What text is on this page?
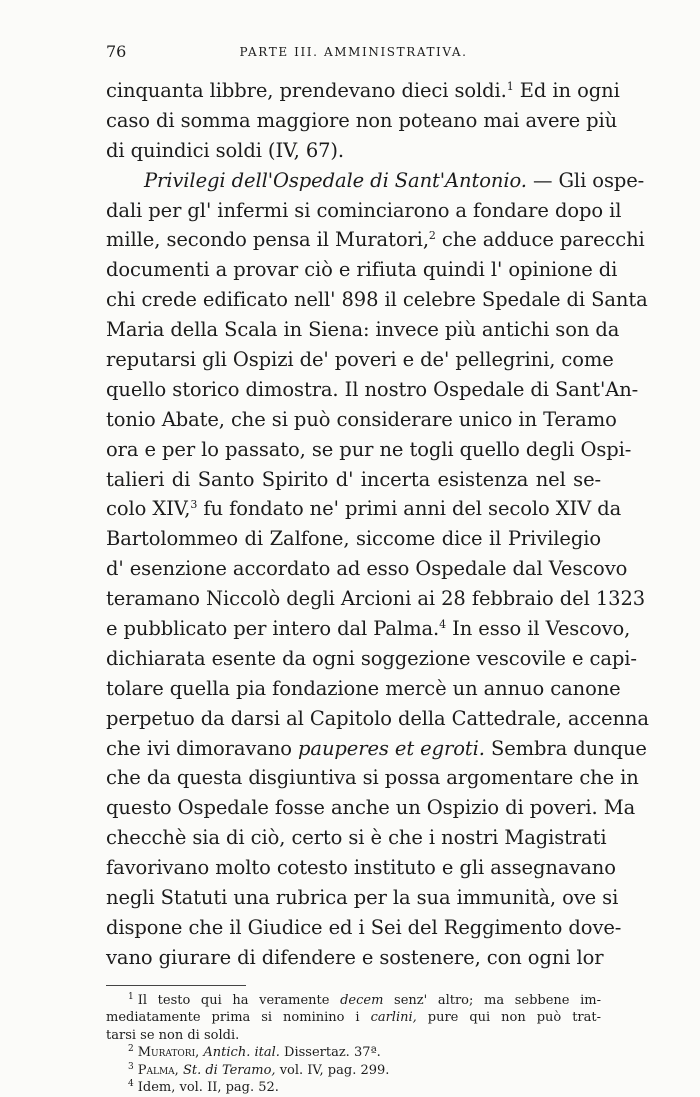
76	PARTE III. AMMINISTRATIVA.
cinquanta libbre, prendevano dieci soldi.$^1$ Ed in ogni
caso di somma maggiore non poteano mai avere più
di quindici soldi (IV, 67).
Privilegi dell'Ospedale di Sant'Antonio. — Gli ospe-
dali per gl' infermi si cominciarono a fondare dopo il
mille, secondo pensa il Muratori,$^2$ che adduce parecchi
documenti a provar ciò e rifiuta quindi l' opinione di
chi crede edificato nell' 898 il celebre Spedale di Santa
Maria della Scala in Siena: invece più antichi son da
reputarsi gli Ospizi de' poveri e de' pellegrini, come
quello storico dimostra. Il nostro Ospedale di Sant'An-
tonio Abate, che si può considerare unico in Teramo
ora e per lo passato, se pur ne togli quello degli Ospi-
talieri di Santo Spirito d' incerta esistenza nel se-
colo XIV,$^3$ fu fondato ne' primi anni del secolo XIV da
Bartolommeo di Zalfone, siccome dice il Privilegio
d' esenzione accordato ad esso Ospedale dal Vescovo
teramano Niccolò degli Arcioni ai 28 febbraio del 1323
e pubblicato per intero dal Palma.$^4$ In esso il Vescovo,
dichiarata esente da ogni soggezione vescovile e capi-
tolare quella pia fondazione mercè un annuo canone
perpetuo da darsi al Capitolo della Cattedrale, accenna
che ivi dimoravano pauperes et egroti. Sembra dunque
che da questa disgiuntiva si possa argomentare che in
questo Ospedale fosse anche un Ospizio di poveri. Ma
checchè sia di ciò, certo si è che i nostri Magistrati
favorivano molto cotesto instituto e gli assegnavano
negli Statuti una rubrica per la sua immunità, ove si
dispone che il Giudice ed i Sei del Reggimento dove-
vano giurare di difendere e sostenere, con ogni lor
$^1$ Il testo qui ha veramente decem senz' altro; ma sebbene im-
mediatamente prima si nominino i carlini, pure qui non può trat-
tarsi se non di soldi.
$^2$ Muratori, Antich. ital. Dissertaz. 37ª.
$^3$ Palma, St. di Teramo, vol. IV, pag. 299.
$^4$ Idem, vol. II, pag. 52.
